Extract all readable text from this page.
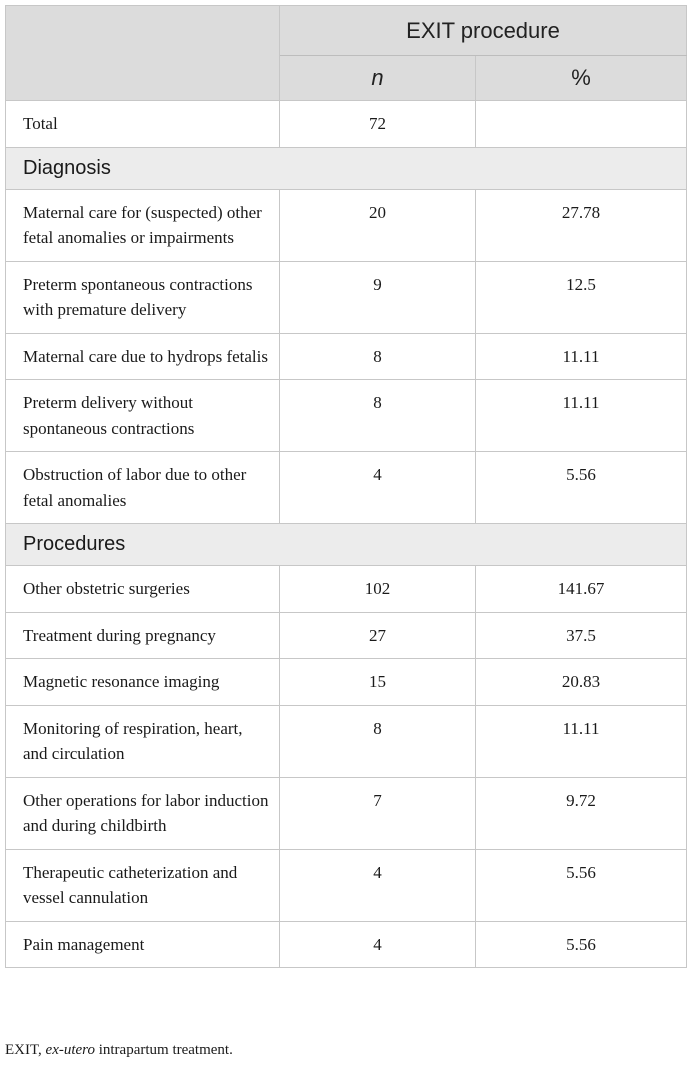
	EXIT procedure	
	n	%
Total	72	
Diagnosis		
Maternal care for (suspected) other fetal anomalies or impairments	20	27.78
Preterm spontaneous contractions with premature delivery	9	12.5
Maternal care due to hydrops fetalis	8	11.11
Preterm delivery without spontaneous contractions	8	11.11
Obstruction of labor due to other fetal anomalies	4	5.56
Procedures		
Other obstetric surgeries	102	141.67
Treatment during pregnancy	27	37.5
Magnetic resonance imaging	15	20.83
Monitoring of respiration, heart, and circulation	8	11.11
Other operations for labor induction and during childbirth	7	9.72
Therapeutic catheterization and vessel cannulation	4	5.56
Pain management	4	5.56
EXIT, ex-utero intrapartum treatment.
